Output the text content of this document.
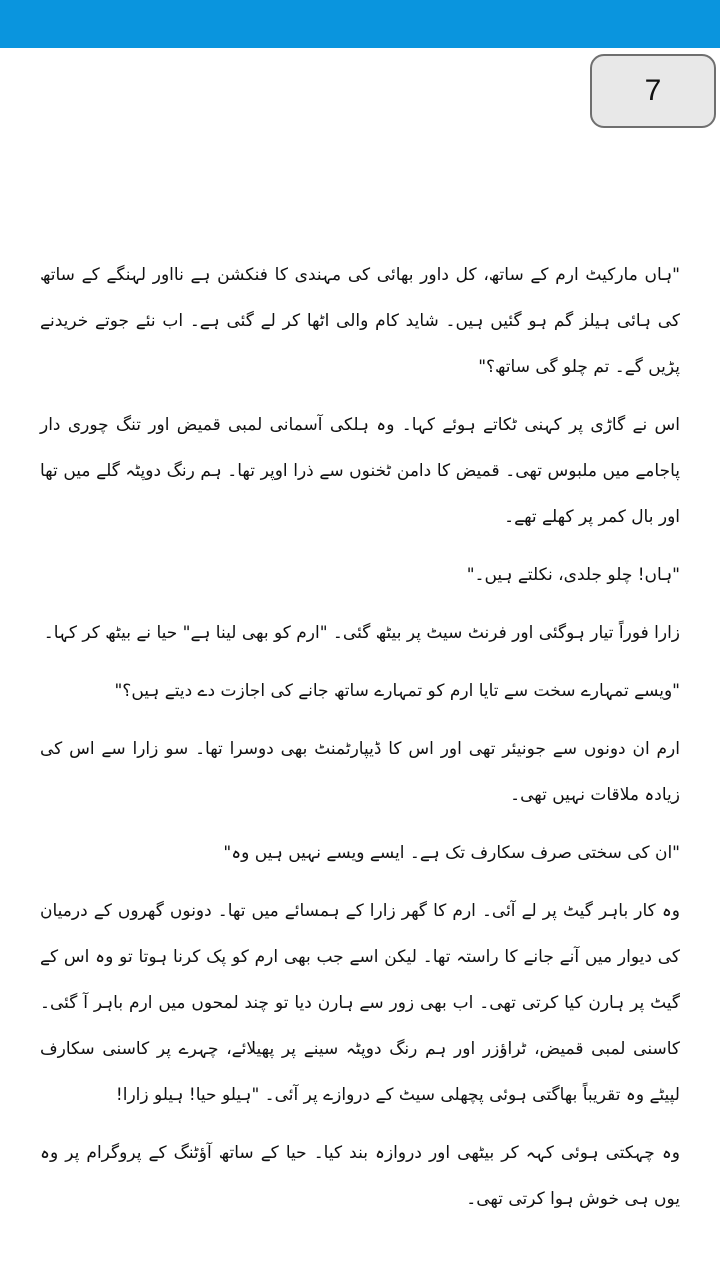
7

"ہاں مارکیٹ ارم کے ساتھ، کل داور بھائی کی مہندی کا فنکشن ہے نااور لہنگے کے ساتھ کی ہائی ہیلز گم ہو گئیں ہیں۔ شاید کام والی اٹھا کر لے گئی ہے۔ اب نئے جوتے خریدنے پڑیں گے۔ تم چلو گی ساتھ؟"

اس نے گاڑی پر کہنی ٹکاتے ہوئے کہا۔ وہ ہلکی آسمانی لمبی قمیض اور تنگ چوری دار پاجامے میں ملبوس تھی۔ قمیض کا دامن ٹخنوں سے ذرا اوپر تھا۔ ہم رنگ دوپٹہ گلے میں تھا اور بال کمر پر کھلے تھے۔

"ہاں! چلو جلدی، نکلتے ہیں۔"

زارا فوراً تیار ہوگئی اور فرنٹ سیٹ پر بیٹھ گئی۔ "ارم کو بھی لینا ہے" حیا نے بیٹھ کر کہا۔

"ویسے تمہارے سخت سے تایا ارم کو تمہارے ساتھ جانے کی اجازت دے دیتے ہیں؟"

ارم ان دونوں سے جونیئر تھی اور اس کا ڈیپارٹمنٹ بھی دوسرا تھا۔ سو زارا سے اس کی زیادہ ملاقات نہیں تھی۔

"ان کی سختی صرف سکارف تک ہے۔ ایسے ویسے نہیں ہیں وہ"

وہ کار باہر گیٹ پر لے آئی۔ ارم کا گھر زارا کے ہمسائے میں تھا۔ دونوں گھروں کے درمیان کی دیوار میں آنے جانے کا راستہ تھا۔ لیکن اسے جب بھی ارم کو پک کرنا ہوتا تو وہ اس کے گیٹ پر ہارن کیا کرتی تھی۔ اب بھی زور سے ہارن دیا تو چند لمحوں میں ارم باہر آ گئی۔ کاسنی لمبی قمیض، ٹراؤزر اور ہم رنگ دوپٹہ سینے پر پھیلائے، چہرے پر کاسنی سکارف لپیٹے وہ تقریباً بھاگتی ہوئی پچھلی سیٹ کے دروازے پر آئی۔ "ہیلو حیا! ہیلو زارا!

وہ چہکتی ہوئی کہہ کر بیٹھی اور دروازہ بند کیا۔ حیا کے ساتھ آؤٹنگ کے پروگرام پر وہ یوں ہی خوش ہوا کرتی تھی۔
